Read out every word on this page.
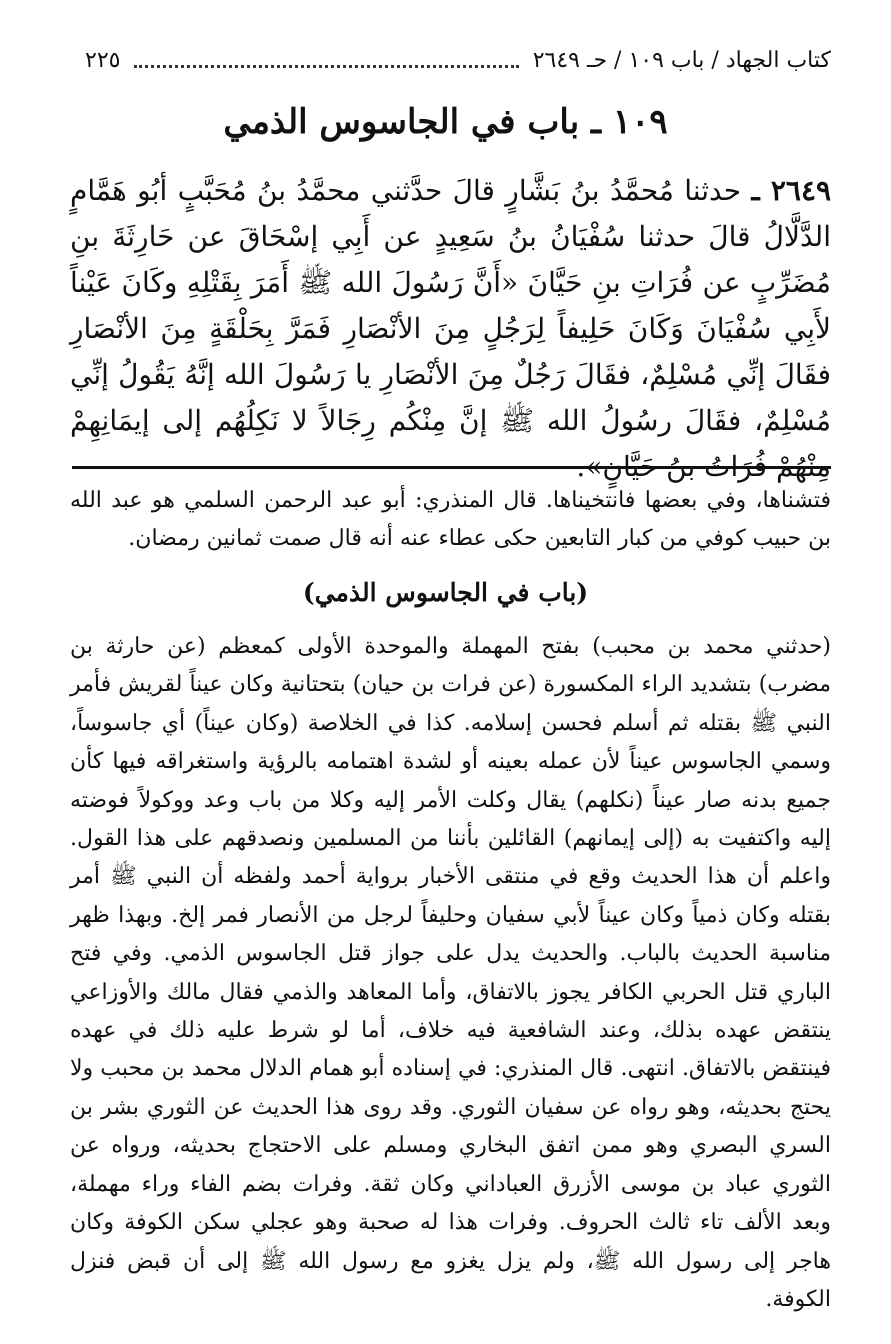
كتاب الجهاد / باب ١٠٩ / حـ ٢٦٤٩
٢٢٥
١٠٩ ـ باب في الجاسوس الذمي

٢٦٤٩ ـ حدثنا مُحمَّدُ بنُ بَشَّارٍ قالَ حدَّثني محمَّدُ بنُ مُحَبَّبٍ أبُو هَمَّامٍ الدَّلَّالُ قالَ حدثنا سُفْيَانُ بنُ سَعِيدٍ عن أَبِي إسْحَاقَ عن حَارِثَةَ بنِ مُضَرِّبٍ عن فُرَاتِ بنِ حَيَّانَ «أَنَّ رَسُولَ الله ﷺ أَمَرَ بِقَتْلِهِ وكَانَ عَيْناً لأَبِي سُفْيَانَ وَكَانَ حَلِيفاً لِرَجُلٍ مِنَ الأنْصَارِ فَمَرَّ بِحَلْقَةٍ مِنَ الأنْصَارِ فقَالَ إنِّي مُسْلِمٌ، فقَالَ رَجُلٌ مِنَ الأنْصَارِ يا رَسُولَ الله إنَّهُ يَقُولُ إنِّي مُسْلِمٌ، فقَالَ رسُولُ الله ﷺ إنَّ مِنْكُم رِجَالاً لا نَكِلُهُم إلى إيمَانِهِمْ مِنْهُمْ فُرَاتُ بنُ حَيَّانٍ».

فتشناها، وفي بعضها فانتخيناها. قال المنذري: أبو عبد الرحمن السلمي هو عبد الله بن حبيب كوفي من كبار التابعين حكى عطاء عنه أنه قال صمت ثمانين رمضان.

(باب في الجاسوس الذمي)

(حدثني محمد بن محبب) بفتح المهملة والموحدة الأولى كمعظم (عن حارثة بن مضرب) بتشديد الراء المكسورة (عن فرات بن حيان) بتحتانية وكان عيناً لقريش فأمر النبي ﷺ بقتله ثم أسلم فحسن إسلامه. كذا في الخلاصة (وكان عيناً) أي جاسوساً، وسمي الجاسوس عيناً لأن عمله بعينه أو لشدة اهتمامه بالرؤية واستغراقه فيها كأن جميع بدنه صار عيناً (نكلهم) يقال وكلت الأمر إليه وكلا من باب وعد ووكولاً فوضته إليه واكتفيت به (إلى إيمانهم) القائلين بأننا من المسلمين ونصدقهم على هذا القول. واعلم أن هذا الحديث وقع في منتقى الأخبار برواية أحمد ولفظه أن النبي ﷺ أمر بقتله وكان ذمياً وكان عيناً لأبي سفيان وحليفاً لرجل من الأنصار فمر إلخ. وبهذا ظهر مناسبة الحديث بالباب. والحديث يدل على جواز قتل الجاسوس الذمي. وفي فتح الباري قتل الحربي الكافر يجوز بالاتفاق، وأما المعاهد والذمي فقال مالك والأوزاعي ينتقض عهده بذلك، وعند الشافعية فيه خلاف، أما لو شرط عليه ذلك في عهده فينتقض بالاتفاق. انتهى. قال المنذري: في إسناده أبو همام الدلال محمد بن محبب ولا يحتج بحديثه، وهو رواه عن سفيان الثوري. وقد روى هذا الحديث عن الثوري بشر بن السري البصري وهو ممن اتفق البخاري ومسلم على الاحتجاج بحديثه، ورواه عن الثوري عباد بن موسى الأزرق العباداني وكان ثقة. وفرات بضم الفاء وراء مهملة، وبعد الألف تاء ثالث الحروف. وفرات هذا له صحبة وهو عجلي سكن الكوفة وكان هاجر إلى رسول الله ﷺ، ولم يزل يغزو مع رسول الله ﷺ إلى أن قبض فنزل الكوفة.
